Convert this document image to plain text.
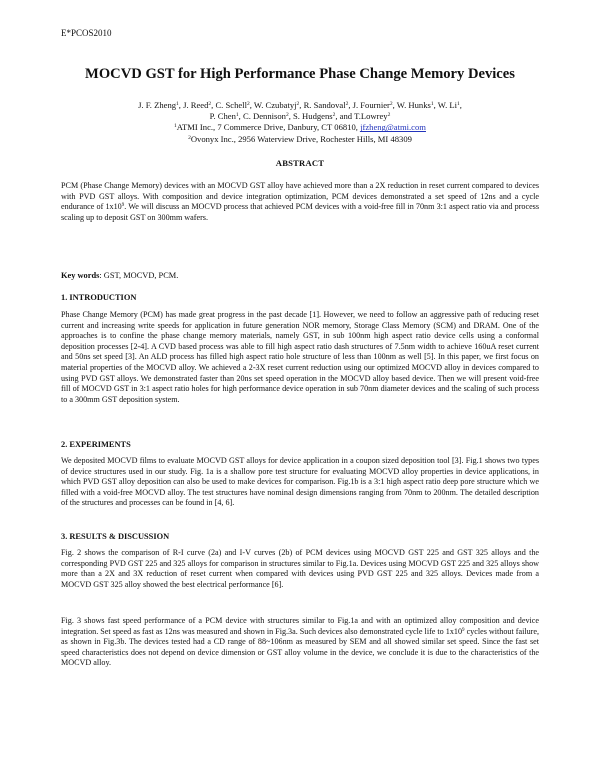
E*PCOS2010
MOCVD GST for High Performance Phase Change Memory Devices
J. F. Zheng$^1$, J. Reed$^2$, C. Schell$^2$, W. Czubatyj$^2$, R. Sandoval$^2$, J. Fournier$^2$, W. Hunks$^1$, W. Li$^1$,
P. Chen$^1$, C. Dennison$^2$, S. Hudgens$^2$, and T.Lowrey$^2$
$^1$ATMI Inc., 7 Commerce Drive, Danbury, CT 06810, jfzheng@atmi.com
$^2$Ovonyx Inc., 2956 Waterview Drive, Rochester Hills, MI 48309
ABSTRACT

PCM (Phase Change Memory) devices with an MOCVD GST alloy have achieved more than a 2X reduction in reset current compared to devices with PVD GST alloys. With composition and device integration optimization, PCM devices demonstrated a set speed of 12ns and a cycle endurance of $1x10^9$. We will discuss an MOCVD process that achieved PCM devices with a void-free fill in 70nm 3:1 aspect ratio via and process scaling up to deposit GST on 300mm wafers.

Key words: GST, MOCVD, PCM.
1. INTRODUCTION

Phase Change Memory (PCM) has made great progress in the past decade [1]. However, we need to follow an aggressive path of reducing reset current and increasing write speeds for application in future generation NOR memory, Storage Class Memory (SCM) and DRAM. One of the approaches is to confine the phase change memory materials, namely GST, in sub 100nm high aspect ratio device cells using a conformal deposition processes [2-4]. A CVD based process was able to fill high aspect ratio dash structures of 7.5nm width to achieve 160uA reset current and 50ns set speed [3]. An ALD process has filled high aspect ratio hole structure of less than 100nm as well [5]. In this paper, we first focus on material properties of the MOCVD alloy. We achieved a 2-3X reset current reduction using our optimized MOCVD alloy in devices compared to using PVD GST alloys. We demonstrated faster than 20ns set speed operation in the MOCVD alloy based device. Then we will present void-free fill of MOCVD GST in 3:1 aspect ratio holes for high performance device operation in sub 70nm diameter devices and the scaling of such process to a 300mm GST deposition system.

2. EXPERIMENTS

We deposited MOCVD films to evaluate MOCVD GST alloys for device application in a coupon sized deposition tool [3]. Fig.1 shows two types of device structures used in our study. Fig. 1a is a shallow pore test structure for evaluating MOCVD alloy properties in device applications, in which PVD GST alloy deposition can also be used to make devices for comparison. Fig.1b is a 3:1 high aspect ratio deep pore structure which we filled with a void-free MOCVD alloy. The test structures have nominal design dimensions ranging from 70nm to 200nm. The detailed description of the structures and processes can be found in [4, 6].

3. RESULTS & DISCUSSION

Fig. 2 shows the comparison of R-I curve (2a) and I-V curves (2b) of PCM devices using MOCVD GST 225 and GST 325 alloys and the corresponding PVD GST 225 and 325 alloys for comparison in structures similar to Fig.1a. Devices using MOCVD GST 225 and 325 alloys show more than a 2X and 3X reduction of reset current when compared with devices using PVD GST 225 and 325 alloys. Devices made from a MOCVD GST 325 alloy showed the best electrical performance [6].

Fig. 3 shows fast speed performance of a PCM device with structures similar to Fig.1a and with an optimized alloy composition and device integration. Set speed as fast as 12ns was measured and shown in Fig.3a. Such devices also demonstrated cycle life to $1x10^9$ cycles without failure, as shown in Fig.3b. The devices tested had a CD range of 88~106nm as measured by SEM and all showed similar set speed. Since the fast set speed characteristics does not depend on device dimension or GST alloy volume in the device, we conclude it is due to the characteristics of the MOCVD alloy.
